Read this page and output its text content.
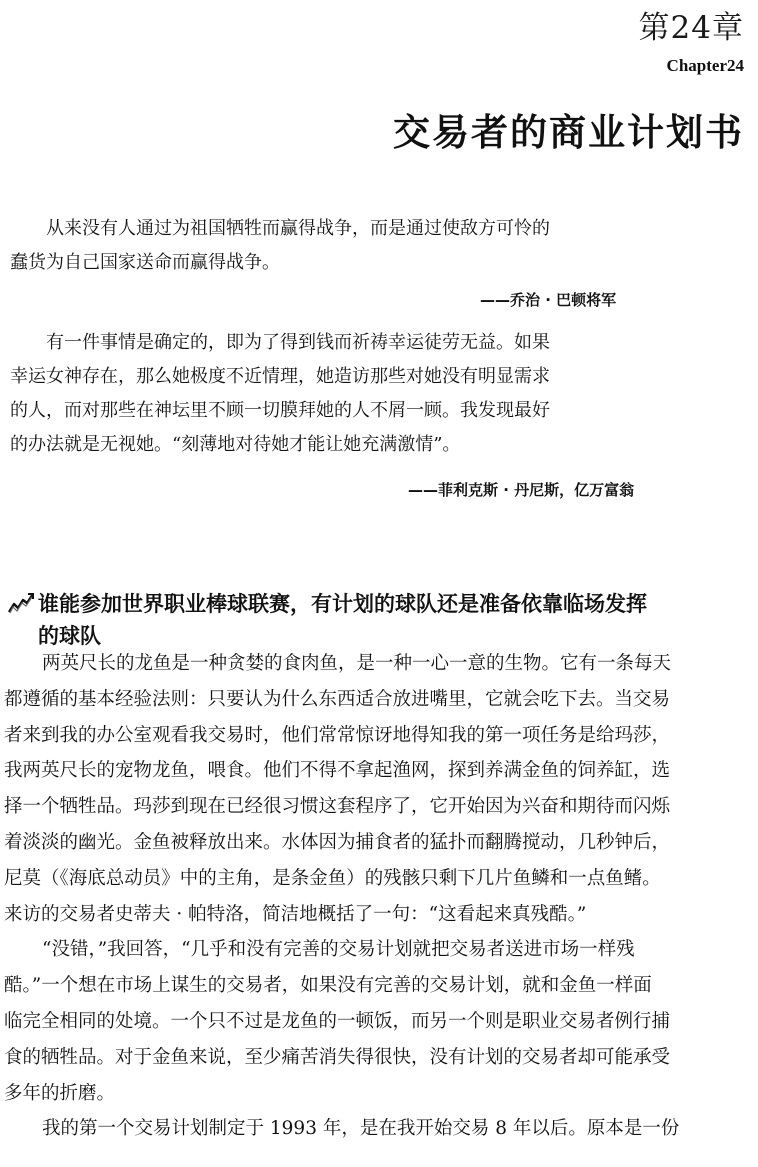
第24章
Chapter24
交易者的商业计划书
从来没有人通过为祖国牺牲而赢得战争，而是通过使敌方可怜的
蠢货为自己国家送命而赢得战争。
——乔治 · 巴顿将军
有一件事情是确定的，即为了得到钱而祈祷幸运徒劳无益。如果
幸运女神存在，那么她极度不近情理，她造访那些对她没有明显需求
的人，而对那些在神坛里不顾一切膜拜她的人不屑一顾。我发现最好
的办法就是无视她。“刻薄地对待她才能让她充满激情”。
——菲利克斯 · 丹尼斯，亿万富翁
谁能参加世界职业棒球联赛，有计划的球队还是准备依靠临场发挥
的球队
两英尺长的龙鱼是一种贪婪的食肉鱼，是一种一心一意的生物。它有一条每天
都遵循的基本经验法则：只要认为什么东西适合放进嘴里，它就会吃下去。当交易
者来到我的办公室观看我交易时，他们常常惊讶地得知我的第一项任务是给玛莎，
我两英尺长的宠物龙鱼，喂食。他们不得不拿起渔网，探到养满金鱼的饲养缸，选
择一个牺牲品。玛莎到现在已经很习惯这套程序了，它开始因为兴奋和期待而闪烁
着淡淡的幽光。金鱼被释放出来。水体因为捕食者的猛扑而翻腾搅动，几秒钟后，
尼莫（《海底总动员》中的主角，是条金鱼）的残骸只剩下几片鱼鳞和一点鱼鳍。
来访的交易者史蒂夫 · 帕特洛，简洁地概括了一句：“这看起来真残酷。”
“没错，”我回答，“几乎和没有完善的交易计划就把交易者送进市场一样残
酷。”一个想在市场上谋生的交易者，如果没有完善的交易计划，就和金鱼一样面
临完全相同的处境。一个只不过是龙鱼的一顿饭，而另一个则是职业交易者例行捕
食的牺牲品。对于金鱼来说，至少痛苦消失得很快，没有计划的交易者却可能承受
多年的折磨。
我的第一个交易计划制定于 1993 年，是在我开始交易 8 年以后。原本是一份
